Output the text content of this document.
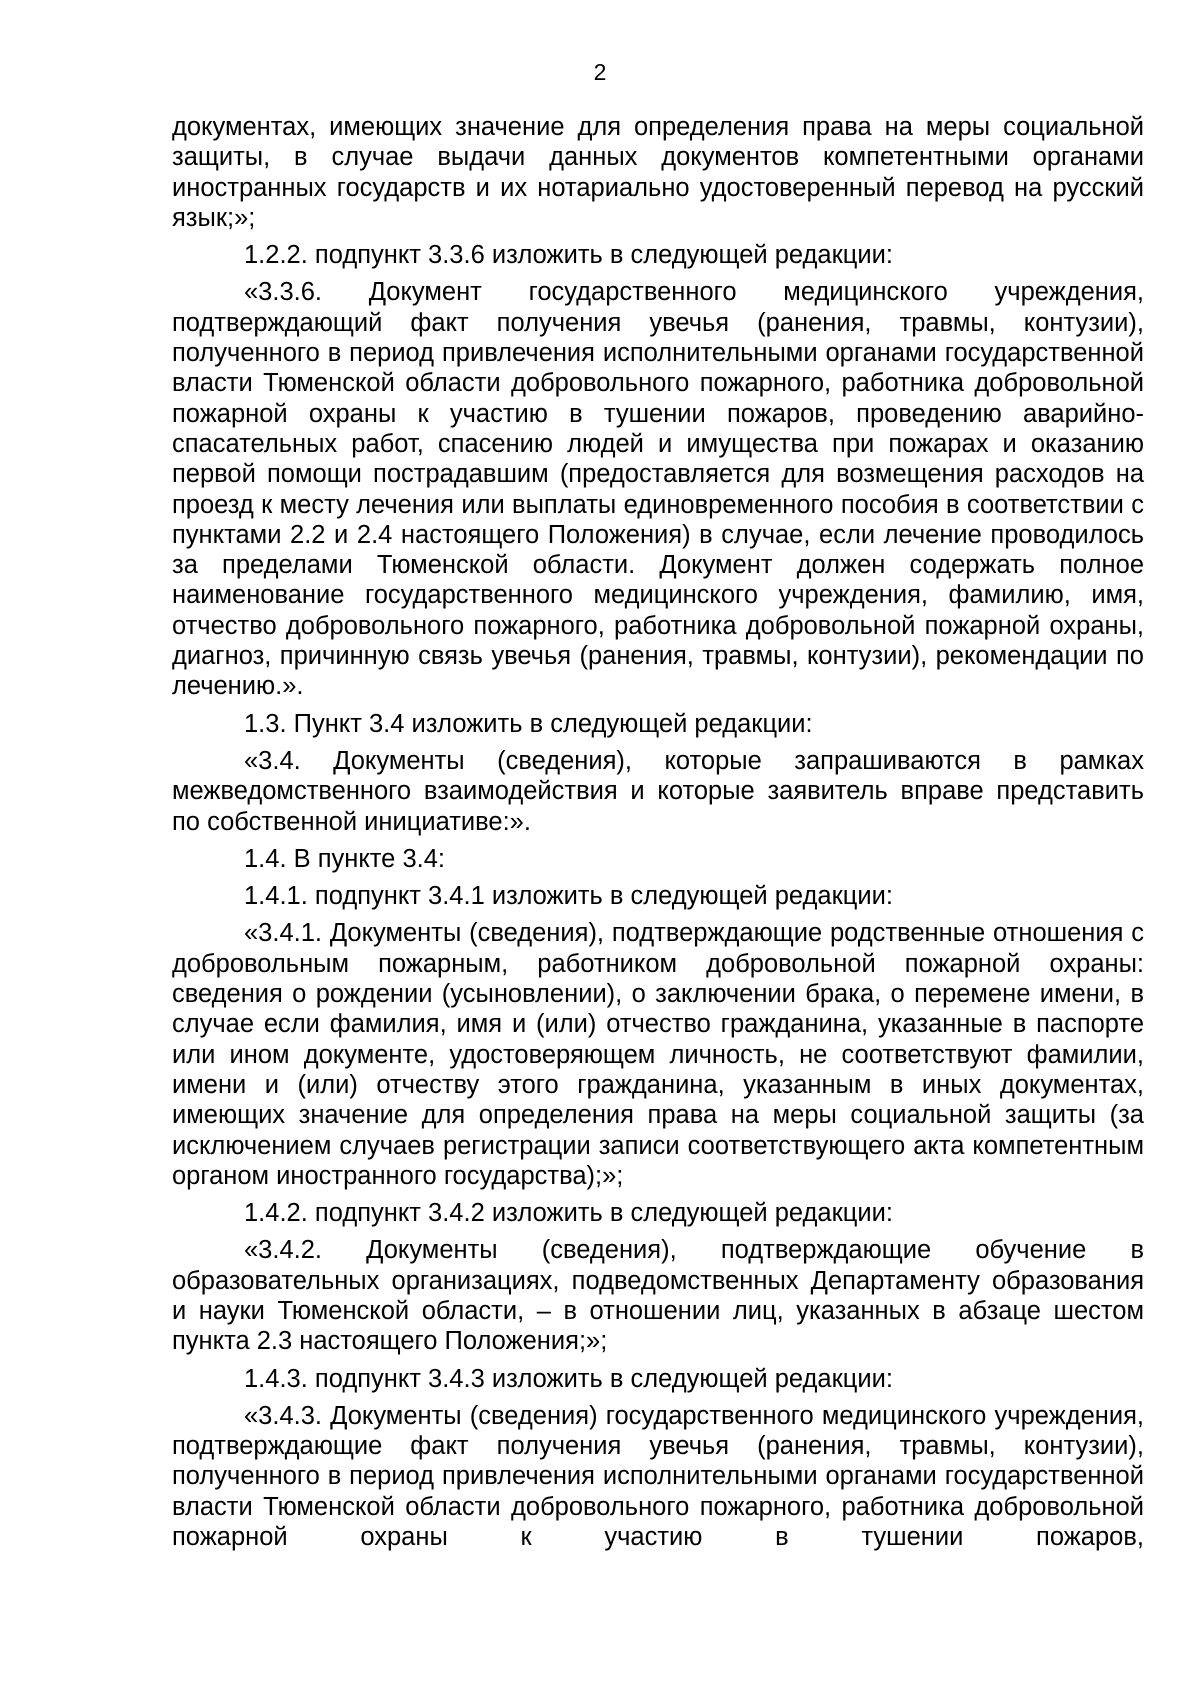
2

документах, имеющих значение для определения права на меры социальной защиты, в случае выдачи данных документов компетентными органами иностранных государств и их нотариально удостоверенный перевод на русский язык;»;

1.2.2. подпункт 3.3.6 изложить в следующей редакции:

«3.3.6. Документ государственного медицинского учреждения, подтверждающий факт получения увечья (ранения, травмы, контузии), полученного в период привлечения исполнительными органами государственной власти Тюменской области добровольного пожарного, работника добровольной пожарной охраны к участию в тушении пожаров, проведению аварийно-спасательных работ, спасению людей и имущества при пожарах и оказанию первой помощи пострадавшим (предоставляется для возмещения расходов на проезд к месту лечения или выплаты единовременного пособия в соответствии с пунктами 2.2 и 2.4 настоящего Положения) в случае, если лечение проводилось за пределами Тюменской области. Документ должен содержать полное наименование государственного медицинского учреждения, фамилию, имя, отчество добровольного пожарного, работника добровольной пожарной охраны, диагноз, причинную связь увечья (ранения, травмы, контузии), рекомендации по лечению.».

1.3. Пункт 3.4 изложить в следующей редакции:

«3.4. Документы (сведения), которые запрашиваются в рамках межведомственного взаимодействия и которые заявитель вправе представить по собственной инициативе:».

1.4. В пункте 3.4:

1.4.1. подпункт 3.4.1 изложить в следующей редакции:

«3.4.1. Документы (сведения), подтверждающие родственные отношения с добровольным пожарным, работником добровольной пожарной охраны: сведения о рождении (усыновлении), о заключении брака, о перемене имени, в случае если фамилия, имя и (или) отчество гражданина, указанные в паспорте или ином документе, удостоверяющем личность, не соответствуют фамилии, имени и (или) отчеству этого гражданина, указанным в иных документах, имеющих значение для определения права на меры социальной защиты (за исключением случаев регистрации записи соответствующего акта компетентным органом иностранного государства);»;

1.4.2. подпункт 3.4.2 изложить в следующей редакции:

«3.4.2. Документы (сведения), подтверждающие обучение в образовательных организациях, подведомственных Департаменту образования и науки Тюменской области, – в отношении лиц, указанных в абзаце шестом пункта 2.3 настоящего Положения;»;

1.4.3. подпункт 3.4.3 изложить в следующей редакции:

«3.4.3. Документы (сведения) государственного медицинского учреждения, подтверждающие факт получения увечья (ранения, травмы, контузии), полученного в период привлечения исполнительными органами государственной власти Тюменской области добровольного пожарного, работника добровольной пожарной охраны к участию в тушении пожаров,
